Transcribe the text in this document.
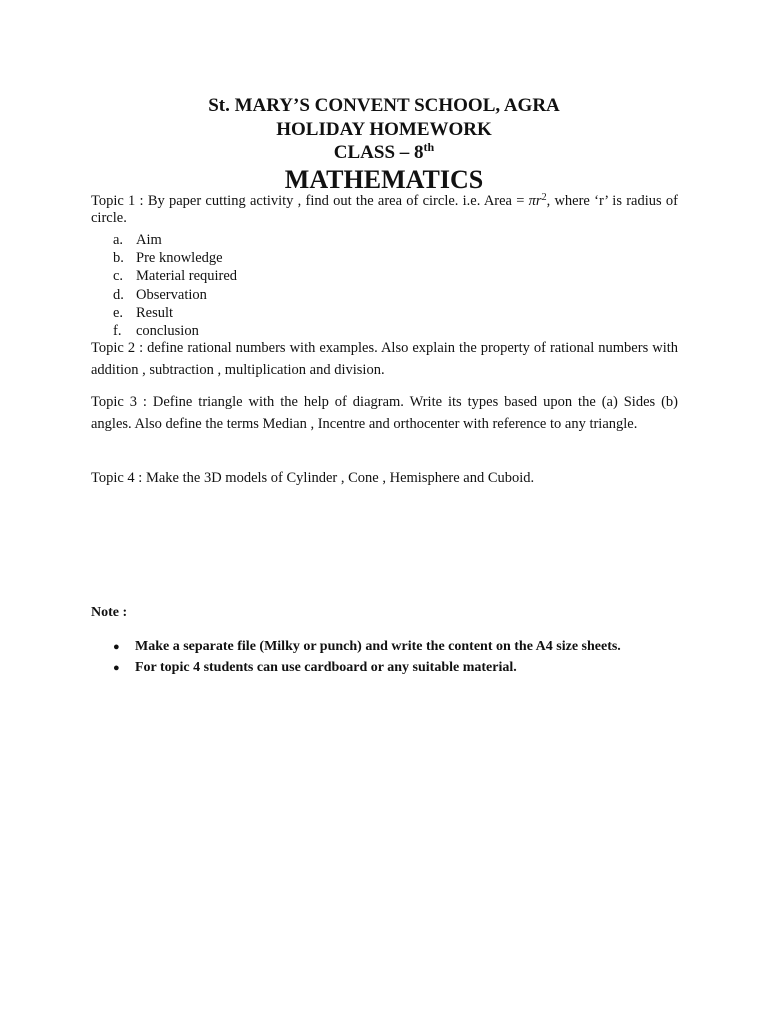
St. MARY’S CONVENT SCHOOL, AGRA
HOLIDAY HOMEWORK
CLASS – 8th
MATHEMATICS
Topic 1 : By paper cutting activity , find out the area of circle. i.e. Area = $\pi r^2$, where ‘r’ is radius of circle.
a. Aim
b. Pre knowledge
c. Material required
d. Observation
e. Result
f. conclusion
Topic 2 : define rational numbers with examples. Also explain the property of rational numbers with addition , subtraction , multiplication and division.
Topic 3 : Define triangle with the help of diagram. Write its types based upon the (a) Sides (b) angles. Also define the terms Median , Incentre and orthocenter with reference to any triangle.
Topic 4 : Make the 3D models of Cylinder , Cone , Hemisphere and Cuboid.
Note :
● Make a separate file (Milky or punch) and write the content on the A4 size sheets.
● For topic 4 students can use cardboard or any suitable material.
